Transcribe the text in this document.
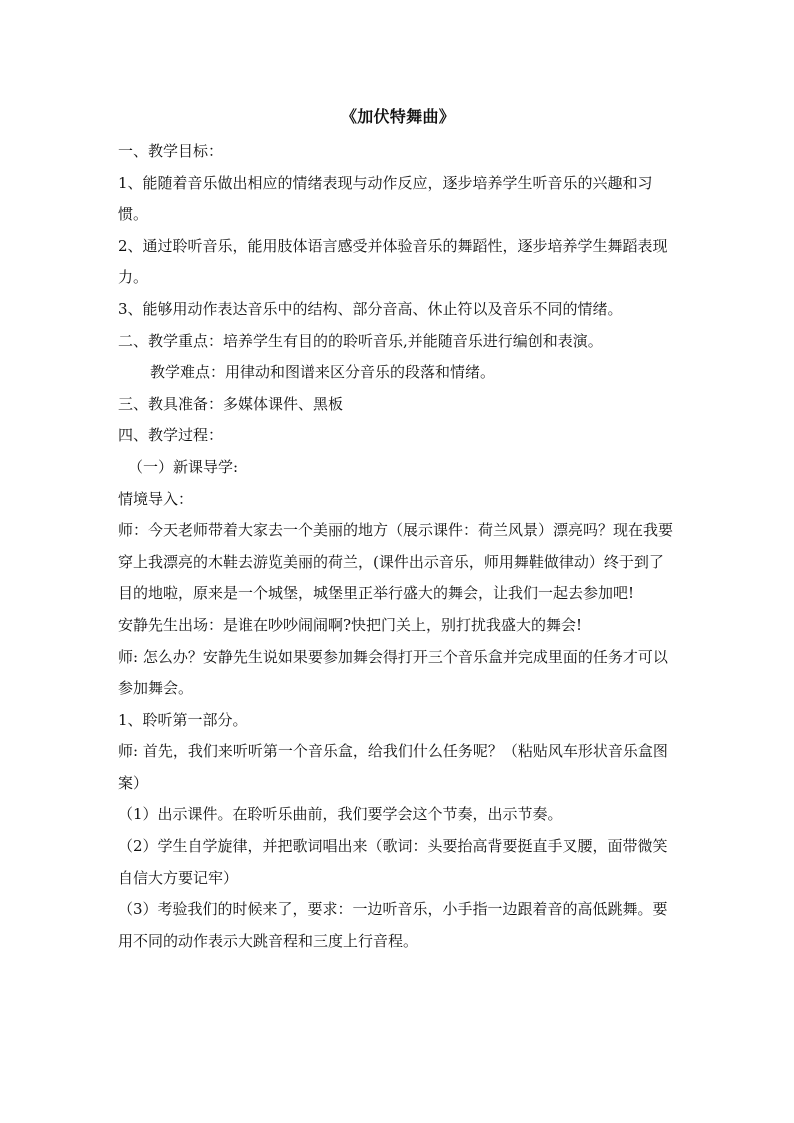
《加伏特舞曲》

一、教学目标：

1、能随着音乐做出相应的情绪表现与动作反应，逐步培养学生听音乐的兴趣和习惯。

2、通过聆听音乐，能用肢体语言感受并体验音乐的舞蹈性，逐步培养学生舞蹈表现力。

3、能够用动作表达音乐中的结构、部分音高、休止符以及音乐不同的情绪。

二、教学重点：培养学生有目的的聆听音乐,并能随音乐进行编创和表演。

教学难点：用律动和图谱来区分音乐的段落和情绪。

三、教具准备：多媒体课件、黑板

四、教学过程：

（一）新课导学:

情境导入：

师：今天老师带着大家去一个美丽的地方（展示课件：荷兰风景）漂亮吗？现在我要穿上我漂亮的木鞋去游览美丽的荷兰，(课件出示音乐，师用舞鞋做律动）终于到了目的地啦，原来是一个城堡，城堡里正举行盛大的舞会，让我们一起去参加吧!

安静先生出场：是谁在吵吵闹闹啊?快把门关上，别打扰我盛大的舞会!

师: 怎么办？安静先生说如果要参加舞会得打开三个音乐盒并完成里面的任务才可以参加舞会。

1、聆听第一部分。

师: 首先，我们来听听第一个音乐盒，给我们什么任务呢？（粘贴风车形状音乐盒图案）

（1）出示课件。在聆听乐曲前，我们要学会这个节奏，出示节奏。

（2）学生自学旋律，并把歌词唱出来（歌词：头要抬高背要挺直手叉腰，面带微笑自信大方要记牢）

（3）考验我们的时候来了，要求：一边听音乐，小手指一边跟着音的高低跳舞。要用不同的动作表示大跳音程和三度上行音程。
